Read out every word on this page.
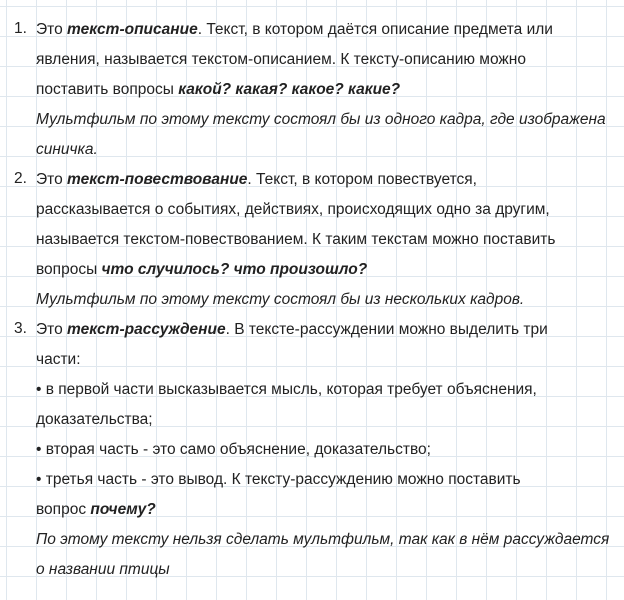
1. Это текст-описание. Текст, в котором даётся описание предмета или
явления, называется текстом-описанием. К тексту-описанию можно
поставить вопросы какой? какая? какое? какие?
Мультфильм по этому тексту состоял бы из одного кадра, где изображена
синичка.
2. Это текст-повествование. Текст, в котором повествуется,
рассказывается о событиях, действиях, происходящих одно за другим,
называется текстом-повествованием. К таким текстам можно поставить
вопросы что случилось? что произошло?
Мультфильм по этому тексту состоял бы из нескольких кадров.
3. Это текст-рассуждение. В тексте-рассуждении можно выделить три
части:
• в первой части высказывается мысль, которая требует объяснения,
доказательства;
• вторая часть - это само объяснение, доказательство;
• третья часть - это вывод. К тексту-рассуждению можно поставить
вопрос почему?
По этому тексту нельзя сделать мультфильм, так как в нём рассуждается
о названии птицы
